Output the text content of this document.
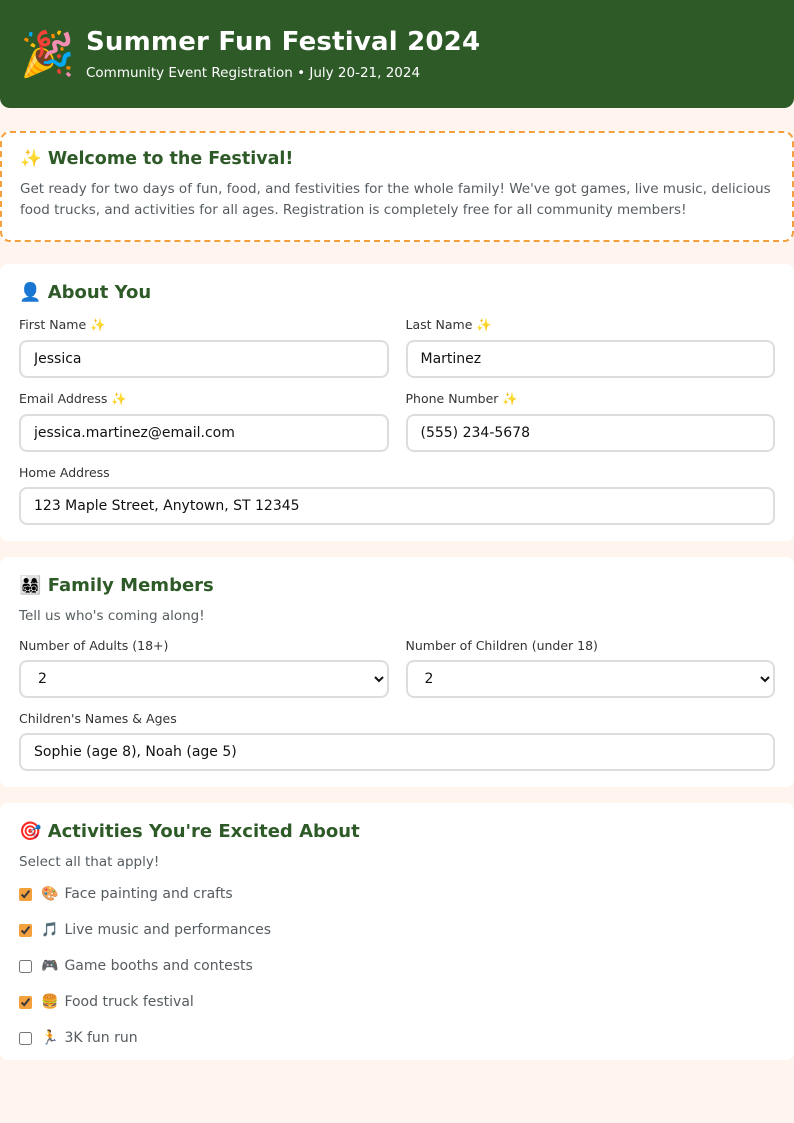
🎉 Summer Fun Festival 2024
Community Event Registration • July 20-21, 2024
✨ Welcome to the Festival!

Get ready for two days of fun, food, and festivities for the whole family! We've got games, live music, delicious food trucks, and activities for all ages. Registration is completely free for all community members!

👤 About You
First Name ✨
Jessica	Last Name ✨
Martinez
Email Address ✨
jessica.martinez@email.com	Phone Number ✨
(555) 234-5678
Home Address
123 Maple Street, Anytown, ST 12345
👨‍👩‍👧‍👦 Family Members

Tell us who's coming along!

Number of Adults (18+)
2	Number of Children (under 18)
2
Children's Names & Ages
Sophie (age 8), Noah (age 5)
🎯 Activities You're Excited About

Select all that apply!

🎨 Face painting and crafts
🎵 Live music and performances
🎮 Game booths and contests
🍔 Food truck festival
🏃 3K fun run
